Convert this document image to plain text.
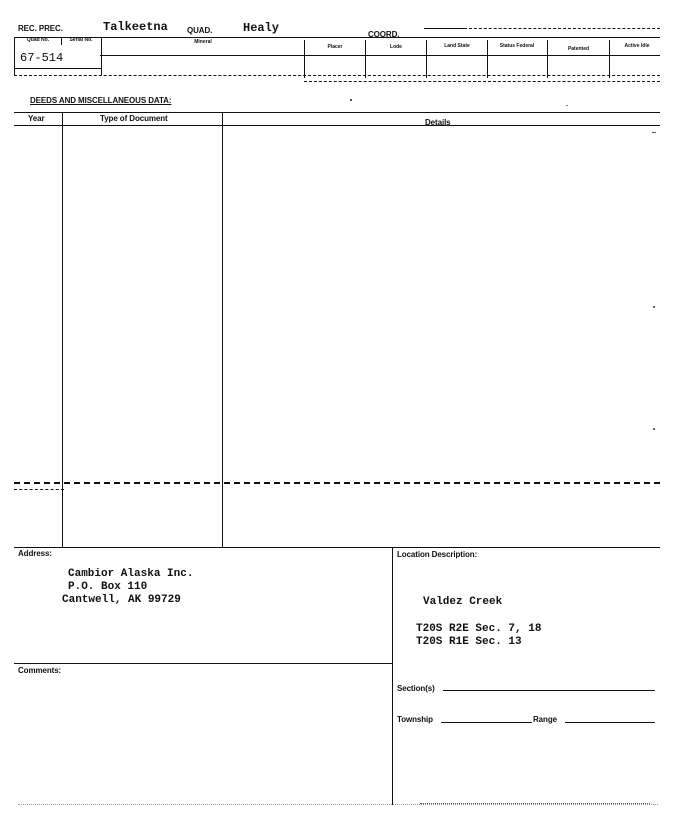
REC. PREC.	Talkeetna QUAD.	Healy	COORD.
Quad No.	Serial No.	Mineral
Placer	Lode	Land State	Status Federal	Patented	Active Idle
67-514
DEEDS AND MISCELLANEOUS DATA:
Year	Type of Document	Details
Address:
Cambior Alaska Inc.
P.O. Box 110
Cantwell, AK 99729
Location Description:
Valdez Creek
T20S R2E Sec. 7, 18
T20S R1E Sec. 13
Comments:
Section(s)
Township	Range
